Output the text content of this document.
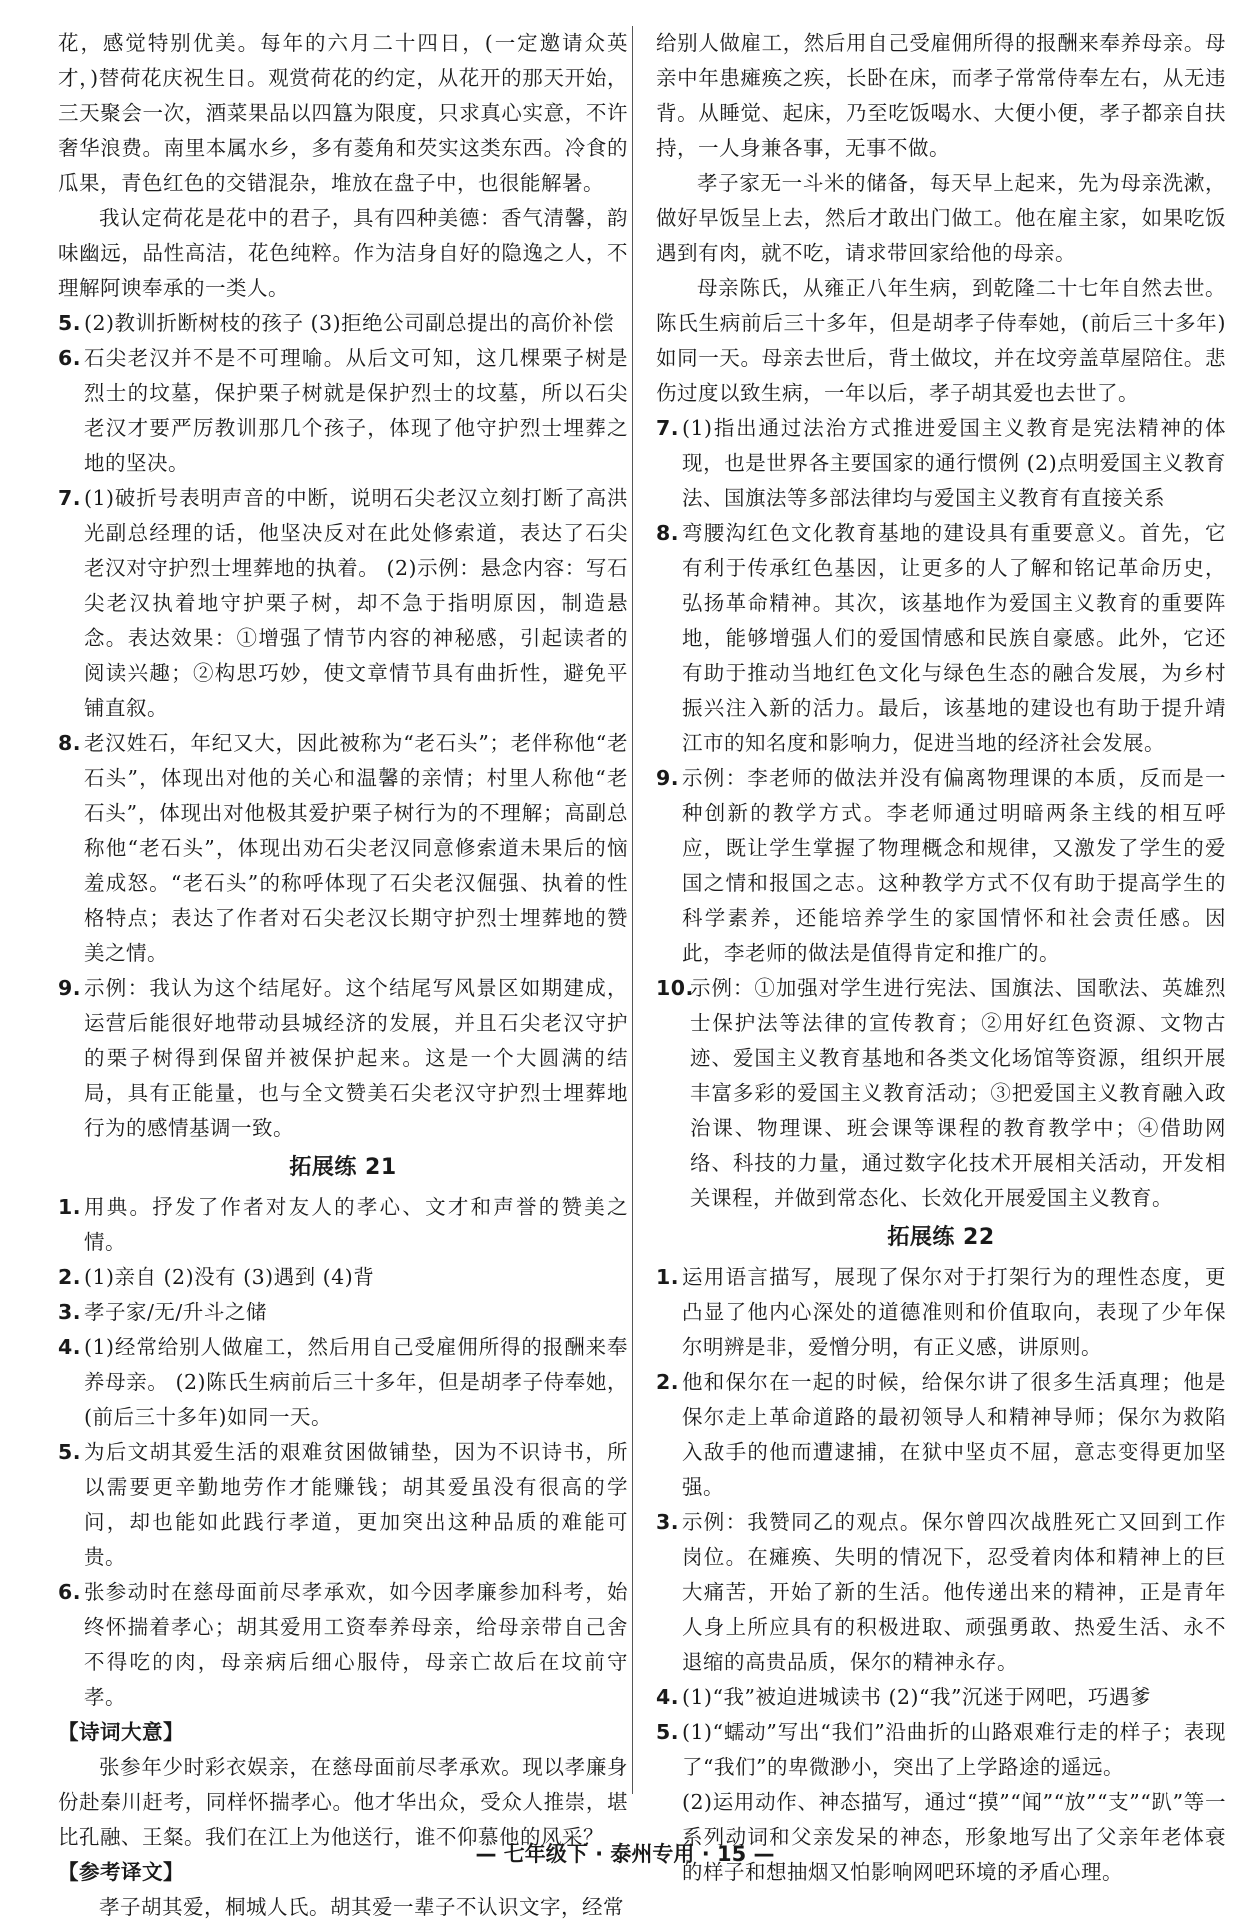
花，感觉特别优美。每年的六月二十四日，(一定邀请众英才，)替荷花庆祝生日。观赏荷花的约定，从花开的那天开始，三天聚会一次，酒菜果品以四簋为限度，只求真心实意，不许奢华浪费。南里本属水乡，多有菱角和芡实这类东西。冷食的瓜果，青色红色的交错混杂，堆放在盘子中，也很能解暑。

我认定荷花是花中的君子，具有四种美德：香气清馨，韵味幽远，品性高洁，花色纯粹。作为洁身自好的隐逸之人，不理解阿谀奉承的一类人。

5. (2)教训折断树枝的孩子 (3)拒绝公司副总提出的高价补偿
6. 石尖老汉并不是不可理喻。从后文可知，这几棵栗子树是烈士的坟墓，保护栗子树就是保护烈士的坟墓，所以石尖老汉才要严厉教训那几个孩子，体现了他守护烈士埋葬之地的坚决。
7. (1)破折号表明声音的中断，说明石尖老汉立刻打断了高洪光副总经理的话，他坚决反对在此处修索道，表达了石尖老汉对守护烈士埋葬地的执着。 (2)示例：悬念内容：写石尖老汉执着地守护栗子树，却不急于指明原因，制造悬念。表达效果：①增强了情节内容的神秘感，引起读者的阅读兴趣；②构思巧妙，使文章情节具有曲折性，避免平铺直叙。
8. 老汉姓石，年纪又大，因此被称为“老石头”；老伴称他“老石头”，体现出对他的关心和温馨的亲情；村里人称他“老石头”，体现出对他极其爱护栗子树行为的不理解；高副总称他“老石头”，体现出劝石尖老汉同意修索道未果后的恼羞成怒。“老石头”的称呼体现了石尖老汉倔强、执着的性格特点；表达了作者对石尖老汉长期守护烈士埋葬地的赞美之情。
9. 示例：我认为这个结尾好。这个结尾写风景区如期建成，运营后能很好地带动县城经济的发展，并且石尖老汉守护的栗子树得到保留并被保护起来。这是一个大圆满的结局，具有正能量，也与全文赞美石尖老汉守护烈士埋葬地行为的感情基调一致。
拓展练 21
1. 用典。抒发了作者对友人的孝心、文才和声誉的赞美之情。
2. (1)亲自 (2)没有 (3)遇到 (4)背
3. 孝子家/无/升斗之储
4. (1)经常给别人做雇工，然后用自己受雇佣所得的报酬来奉养母亲。 (2)陈氏生病前后三十多年，但是胡孝子侍奉她，(前后三十多年)如同一天。
5. 为后文胡其爱生活的艰难贫困做铺垫，因为不识诗书，所以需要更辛勤地劳作才能赚钱；胡其爱虽没有很高的学问，却也能如此践行孝道，更加突出这种品质的难能可贵。
6. 张参动时在慈母面前尽孝承欢，如今因孝廉参加科考，始终怀揣着孝心；胡其爱用工资奉养母亲，给母亲带自己舍不得吃的肉，母亲病后细心服侍，母亲亡故后在坟前守孝。

【诗词大意】

张参年少时彩衣娱亲，在慈母面前尽孝承欢。现以孝廉身份赴秦川赶考，同样怀揣孝心。他才华出众，受众人推崇，堪比孔融、王粲。我们在江上为他送行，谁不仰慕他的风采？

【参考译文】

孝子胡其爱，桐城人氏。胡其爱一辈子不认识文字，经常

给别人做雇工，然后用自己受雇佣所得的报酬来奉养母亲。母亲中年患瘫痪之疾，长卧在床，而孝子常常侍奉左右，从无违背。从睡觉、起床，乃至吃饭喝水、大便小便，孝子都亲自扶持，一人身兼各事，无事不做。

孝子家无一斗米的储备，每天早上起来，先为母亲洗漱，做好早饭呈上去，然后才敢出门做工。他在雇主家，如果吃饭遇到有肉，就不吃，请求带回家给他的母亲。

母亲陈氏，从雍正八年生病，到乾隆二十七年自然去世。陈氏生病前后三十多年，但是胡孝子侍奉她，(前后三十多年)如同一天。母亲去世后，背土做坟，并在坟旁盖草屋陪住。悲伤过度以致生病，一年以后，孝子胡其爱也去世了。

7. (1)指出通过法治方式推进爱国主义教育是宪法精神的体现，也是世界各主要国家的通行惯例 (2)点明爱国主义教育法、国旗法等多部法律均与爱国主义教育有直接关系
8. 弯腰沟红色文化教育基地的建设具有重要意义。首先，它有利于传承红色基因，让更多的人了解和铭记革命历史，弘扬革命精神。其次，该基地作为爱国主义教育的重要阵地，能够增强人们的爱国情感和民族自豪感。此外，它还有助于推动当地红色文化与绿色生态的融合发展，为乡村振兴注入新的活力。最后，该基地的建设也有助于提升靖江市的知名度和影响力，促进当地的经济社会发展。
9. 示例：李老师的做法并没有偏离物理课的本质，反而是一种创新的教学方式。李老师通过明暗两条主线的相互呼应，既让学生掌握了物理概念和规律，又激发了学生的爱国之情和报国之志。这种教学方式不仅有助于提高学生的科学素养，还能培养学生的家国情怀和社会责任感。因此，李老师的做法是值得肯定和推广的。
10.
示例：①加强对学生进行宪法、国旗法、国歌法、英雄烈士保护法等法律的宣传教育；②用好红色资源、文物古迹、爱国主义教育基地和各类文化场馆等资源，组织开展丰富多彩的爱国主义教育活动；③把爱国主义教育融入政治课、物理课、班会课等课程的教育教学中；④借助网络、科技的力量，通过数字化技术开展相关活动，开发相关课程，并做到常态化、长效化开展爱国主义教育。
拓展练 22
1. 运用语言描写，展现了保尔对于打架行为的理性态度，更凸显了他内心深处的道德准则和价值取向，表现了少年保尔明辨是非，爱憎分明，有正义感，讲原则。
2. 他和保尔在一起的时候，给保尔讲了很多生活真理；他是保尔走上革命道路的最初领导人和精神导师；保尔为救陷入敌手的他而遭逮捕，在狱中坚贞不屈，意志变得更加坚强。
3. 示例：我赞同乙的观点。保尔曾四次战胜死亡又回到工作岗位。在瘫痪、失明的情况下，忍受着肉体和精神上的巨大痛苦，开始了新的生活。他传递出来的精神，正是青年人身上所应具有的积极进取、顽强勇敢、热爱生活、永不退缩的高贵品质，保尔的精神永存。
4. (1)“我”被迫进城读书 (2)“我”沉迷于网吧，巧遇爹
5. (1)“蠕动”写出“我们”沿曲折的山路艰难行走的样子；表现了“我们”的卑微渺小，突出了上学路途的遥远。

(2)运用动作、神态描写，通过“摸”“闻”“放”“支”“趴”等一系列动词和父亲发呆的神态，形象地写出了父亲年老体衰的样子和想抽烟又怕影响网吧环境的矛盾心理。

— 七年级下 · 泰州专用 · 15 —
